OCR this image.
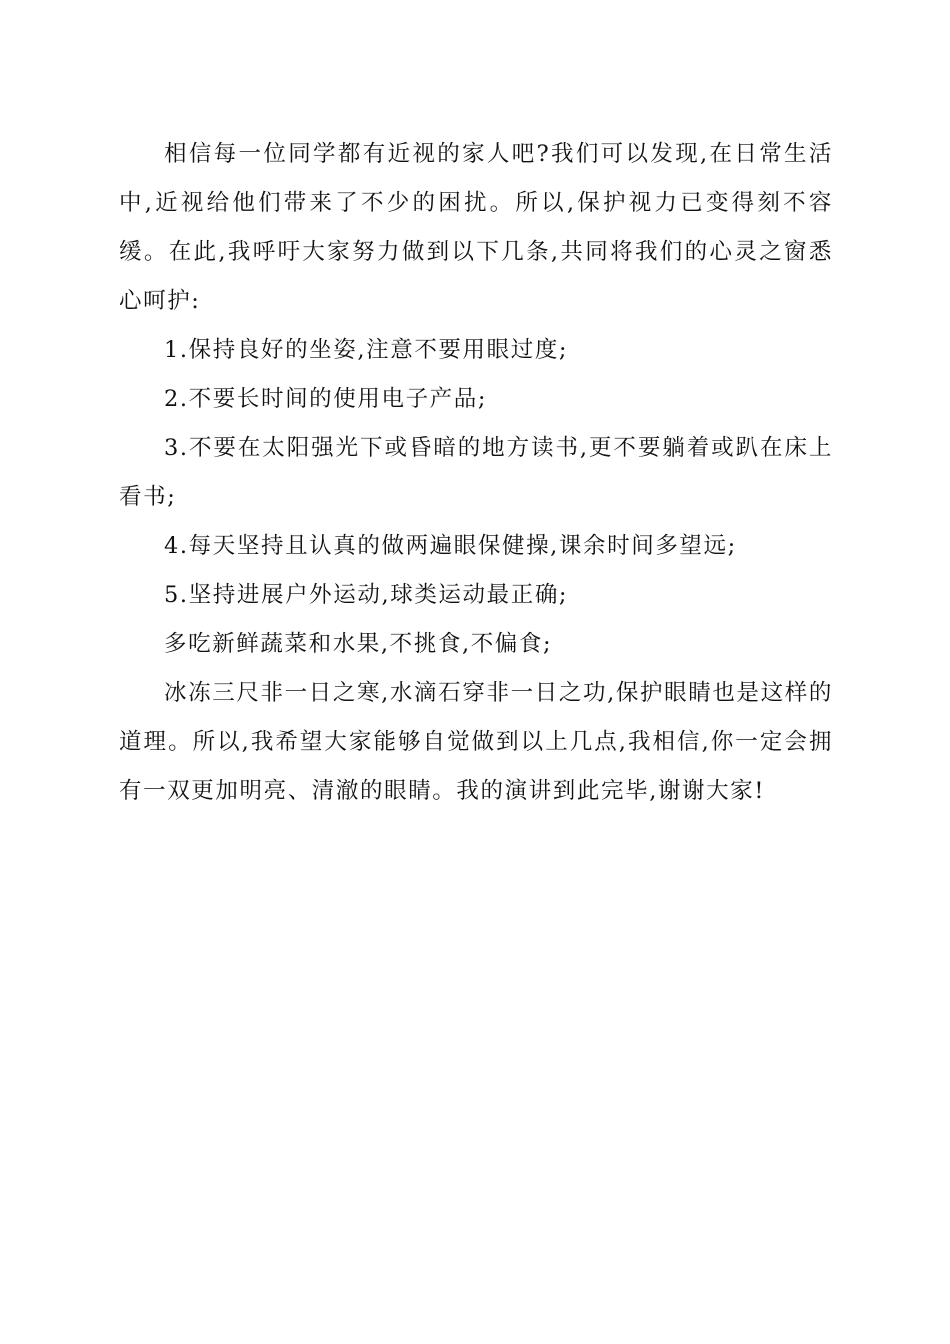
相信每一位同学都有近视的家人吧?我们可以发现,在日常生活中,近视给他们带来了不少的困扰。所以,保护视力已变得刻不容缓。在此,我呼吁大家努力做到以下几条,共同将我们的心灵之窗悉心呵护:

1.保持良好的坐姿,注意不要用眼过度;

2.不要长时间的使用电子产品;

3.不要在太阳强光下或昏暗的地方读书,更不要躺着或趴在床上看书;

4.每天坚持且认真的做两遍眼保健操,课余时间多望远;

5.坚持进展户外运动,球类运动最正确;

多吃新鲜蔬菜和水果,不挑食,不偏食;

冰冻三尺非一日之寒,水滴石穿非一日之功,保护眼睛也是这样的道理。所以,我希望大家能够自觉做到以上几点,我相信,你一定会拥有一双更加明亮、清澈的眼睛。我的演讲到此完毕,谢谢大家!
